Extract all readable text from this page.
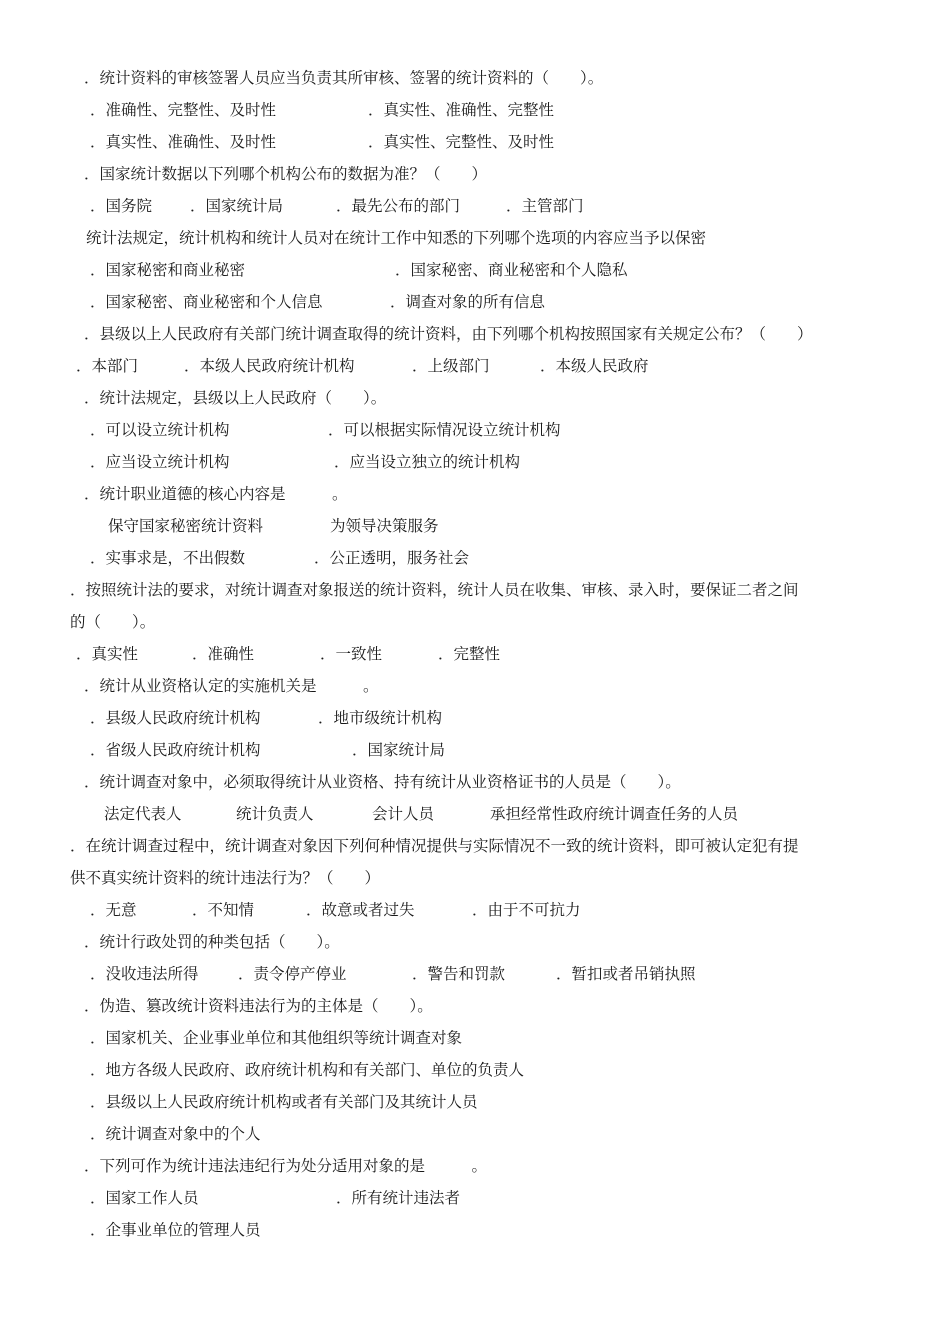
．统计资料的审核签署人员应当负责其所审核、签署的统计资料的（　　）。
．准确性、完整性、及时性	．真实性、准确性、完整性
．真实性、准确性、及时性	．真实性、完整性、及时性
．国家统计数据以下列哪个机构公布的数据为准？（　　）
．国务院 ．国家统计局	．最先公布的部门	．主管部门
统计法规定，统计机构和统计人员对在统计工作中知悉的下列哪个选项的内容应当予以保密
．国家秘密和商业秘密	．国家秘密、商业秘密和个人隐私
．国家秘密、商业秘密和个人信息	．调查对象的所有信息
．县级以上人民政府有关部门统计调查取得的统计资料，由下列哪个机构按照国家有关规定公布？（　　）
．本部门	．本级人民政府统计机构	．上级部门	．本级人民政府
．统计法规定，县级以上人民政府（　　）。
．可以设立统计机构	．可以根据实际情况设立统计机构
．应当设立统计机构	．应当设立独立的统计机构
．统计职业道德的核心内容是　　　。
保守国家秘密统计资料	为领导决策服务
．实事求是，不出假数	．公正透明，服务社会
．按照统计法的要求，对统计调查对象报送的统计资料，统计人员在收集、审核、录入时，要保证二者之间
的（　　）。
．真实性	．准确性	．一致性	．完整性
．统计从业资格认定的实施机关是　　　。
．县级人民政府统计机构	．地市级统计机构
．省级人民政府统计机构	．国家统计局
．统计调查对象中，必须取得统计从业资格、持有统计从业资格证书的人员是（　　）。
法定代表人	统计负责人	会计人员	承担经常性政府统计调查任务的人员
．在统计调查过程中，统计调查对象因下列何种情况提供与实际情况不一致的统计资料，即可被认定犯有提
供不真实统计资料的统计违法行为？（　　）
．无意	．不知情	．故意或者过失	．由于不可抗力
．统计行政处罚的种类包括（　　）。
．没收违法所得	．责令停产停业	．警告和罚款	．暂扣或者吊销执照
．伪造、篡改统计资料违法行为的主体是（　　）。
．国家机关、企业事业单位和其他组织等统计调查对象
．地方各级人民政府、政府统计机构和有关部门、单位的负责人
．县级以上人民政府统计机构或者有关部门及其统计人员
．统计调查对象中的个人
．下列可作为统计违法违纪行为处分适用对象的是　　　。
．国家工作人员	．所有统计违法者
．企事业单位的管理人员
